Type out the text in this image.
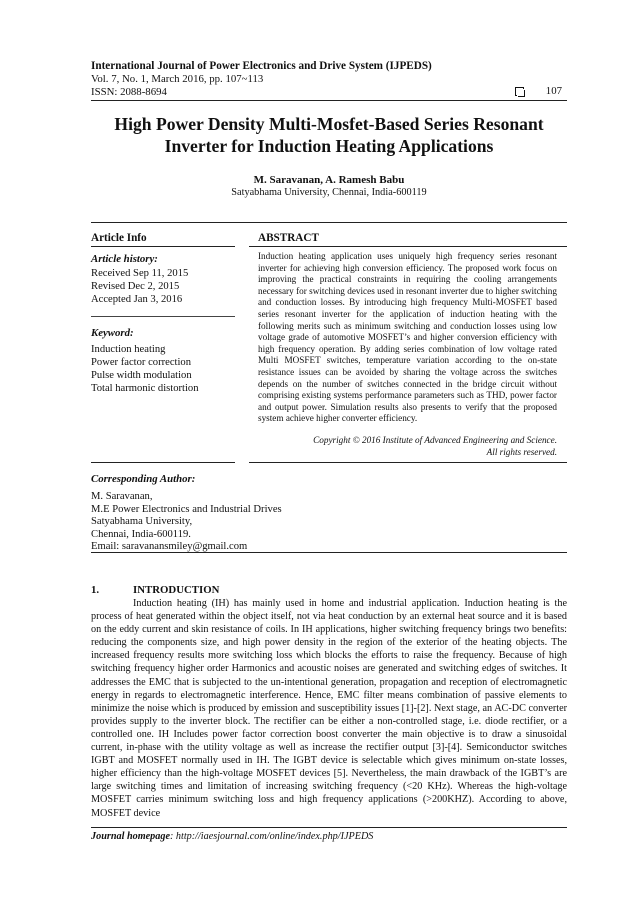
International Journal of Power Electronics and Drive System (IJPEDS)
Vol. 7, No. 1, March 2016, pp. 107~113
ISSN: 2088-8694	107
High Power Density Multi-Mosfet-Based Series Resonant
Inverter for Induction Heating Applications
M. Saravanan, A. Ramesh Babu
Satyabhama University, Chennai, India-600119
Article Info	ABSTRACT
Article history:
Received Sep 11, 2015
Revised Dec 2, 2015
Accepted Jan 3, 2016
Keyword:
Induction heating
Power factor correction
Pulse width modulation
Total harmonic distortion
Induction heating application uses uniquely high frequency series resonant inverter for achieving high conversion efficiency. The proposed work focus on improving the practical constraints in requiring the cooling arrangements necessary for switching devices used in resonant inverter due to higher switching and conduction losses. By introducing high frequency Multi-MOSFET based series resonant inverter for the application of induction heating with the following merits such as minimum switching and conduction losses using low voltage grade of automotive MOSFET’s and higher conversion efficiency with high frequency operation. By adding series combination of low voltage rated Multi MOSFET switches, temperature variation according to the on-state resistance issues can be avoided by sharing the voltage across the switches depends on the number of switches connected in the bridge circuit without comprising existing systems performance parameters such as THD, power factor and output power. Simulation results also presents to verify that the proposed system achieve higher converter efficiency.
Copyright © 2016 Institute of Advanced Engineering and Science.
All rights reserved.
Corresponding Author:
M. Saravanan,
M.E Power Electronics and Industrial Drives
Satyabhama University,
Chennai, India-600119.
Email: saravanansmiley@gmail.com
1.	INTRODUCTION
Induction heating (IH) has mainly used in home and industrial application. Induction heating is the process of heat generated within the object itself, not via heat conduction by an external heat source and it is based on the eddy current and skin resistance of coils. In IH applications, higher switching frequency brings two benefits: reducing the components size, and high power density in the region of the exterior of the heating objects. The increased frequency results more switching loss which blocks the efforts to raise the frequency. Because of high switching frequency higher order Harmonics and acoustic noises are generated and switching edges of switches. It addresses the EMC that is subjected to the un-intentional generation, propagation and reception of electromagnetic energy in regards to electromagnetic interference. Hence, EMC filter means combination of passive elements to minimize the noise which is produced by emission and susceptibility issues [1]-[2]. Next stage, an AC-DC converter provides supply to the inverter block. The rectifier can be either a non-controlled stage, i.e. diode rectifier, or a controlled one. IH Includes power factor correction boost converter the main objective is to draw a sinusoidal current, in-phase with the utility voltage as well as increase the rectifier output [3]-[4]. Semiconductor switches IGBT and MOSFET normally used in IH. The IGBT device is selectable which gives minimum on-state losses, higher efficiency than the high-voltage MOSFET devices [5]. Nevertheless, the main drawback of the IGBT’s are large switching times and limitation of increasing switching frequency (<20 KHz). Whereas the high-voltage MOSFET carries minimum switching loss and high frequency applications (>200KHZ). According to above, MOSFET device
Journal homepage: http://iaesjournal.com/online/index.php/IJPEDS
